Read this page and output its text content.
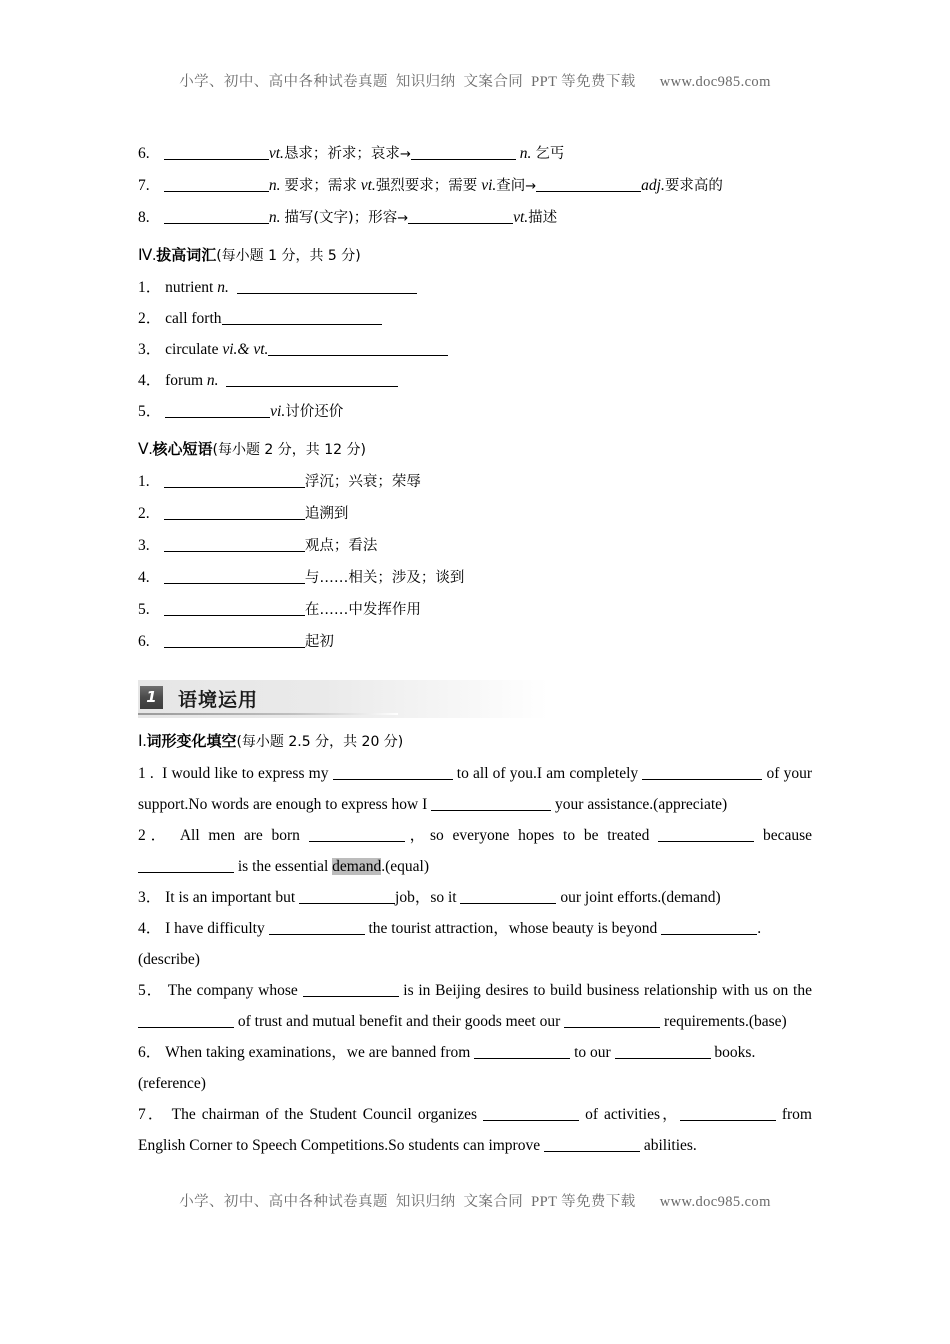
小学、初中、高中各种试卷真题  知识归纳  文案合同  PPT 等免费下载      www.doc985.com
6.	vt.恳求；祈求；哀求→	n. 乞丐
7.	n. 要求；需求 vt.强烈要求；需要 vi.查问→	adj.要求高的
8.	n. 描写(文字)；形容→	vt.描述
Ⅳ.拔高词汇(每小题 1 分，共 5 分)
1． nutrient n.
2． call forth
3． circulate vi.& vt.
4． forum n.
5．	vi.讨价还价
Ⅴ.核心短语(每小题 2 分，共 12 分)
1.	浮沉；兴衰；荣辱
2.	追溯到
3.	观点；看法
4.	与……相关；涉及；谈到
5.	在……中发挥作用
6.	起初
1	语境运用
Ⅰ.词形变化填空(每小题 2.5 分，共 20 分)
1 . I would like to express my	to all of you.I am completely	of your support.No words are enough to express how I	your assistance.(appreciate)
2． All men are born	，so everyone hopes to be treated	because  is the essential demand.(equal)
3． It is an important but	job，so it	our joint efforts.(demand)
4． I have difficulty	the tourist attraction，whose beauty is beyond	.
(describe)
5． The company whose	is in Beijing desires to build business relationship with us on the  of trust and mutual benefit and their goods meet our	requirements.(base)
6． When taking examinations，we are banned from	to our	books.
(reference)
7． The chairman of the Student Council organizes	of activities，	from English Corner to Speech Competitions.So students can improve	abilities.
小学、初中、高中各种试卷真题  知识归纳  文案合同  PPT 等免费下载      www.doc985.com
